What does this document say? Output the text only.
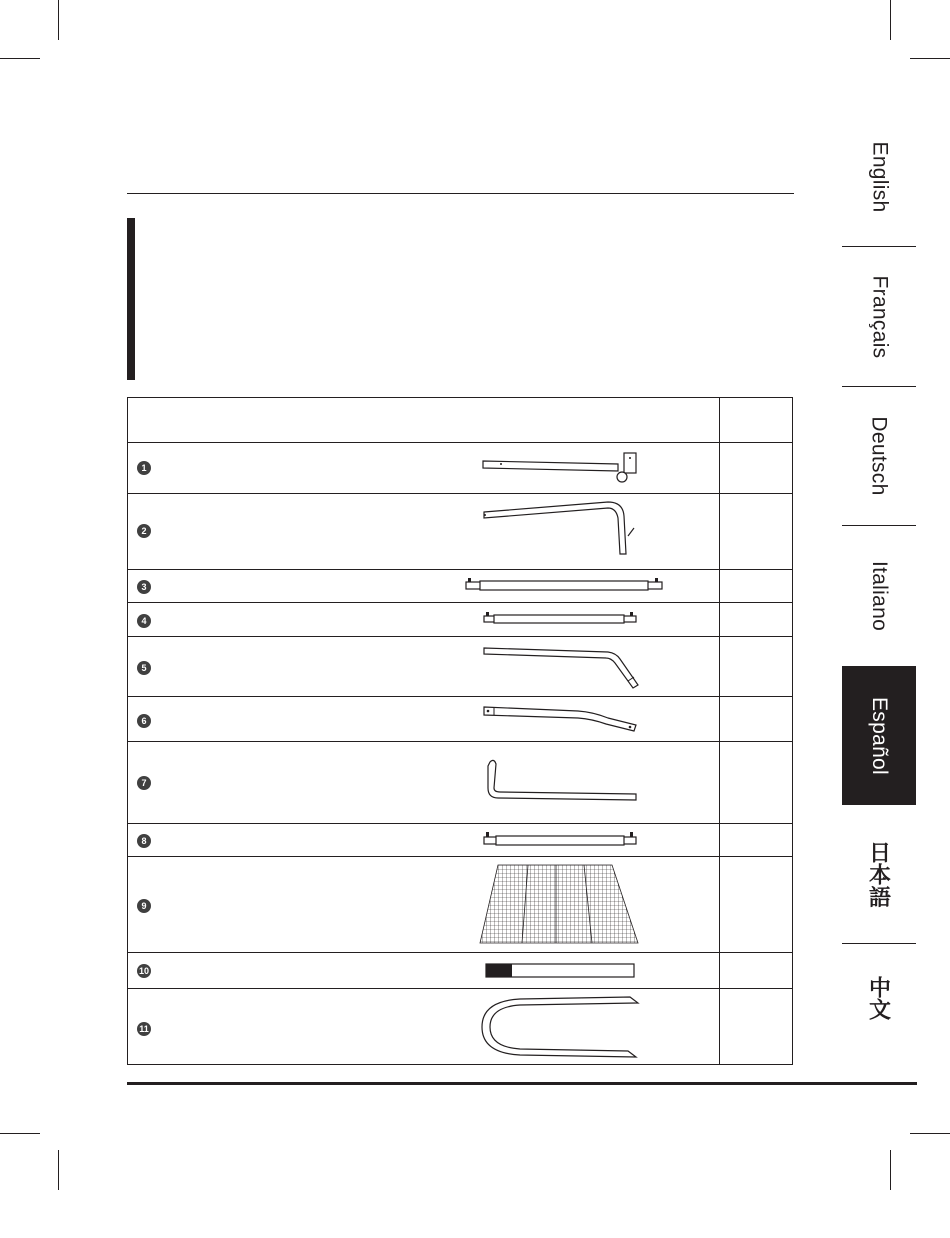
English
Français
Deutsch
Italiano
Español
日本語
中文
1
2
3
4
5
6
7
8
9
10
11
